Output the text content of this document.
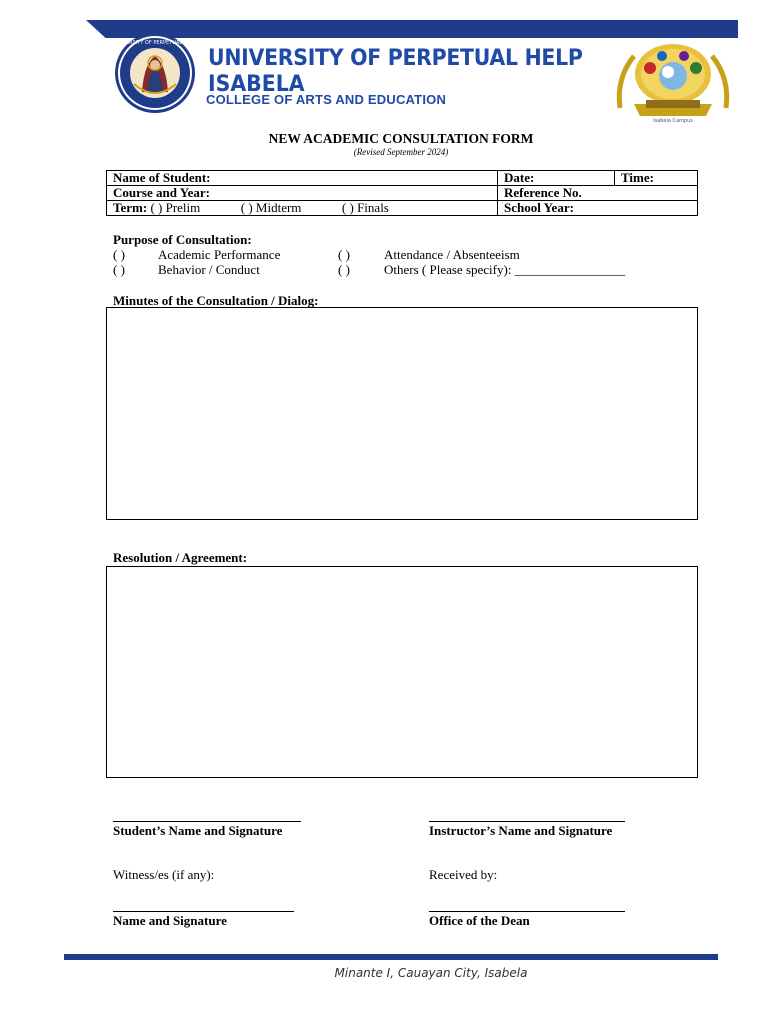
UNIVERSITY OF PERPETUAL HELP
UNIVERSITY OF PERPETUAL HELP
ISABELA
COLLEGE OF ARTS AND EDUCATION
Isabela Campus
NEW ACADEMIC CONSULTATION FORM
(Revised September 2024)
Name of Student:	Date:	Time:
Course and Year:	Reference No.	
Term: ( ) Prelim ( ) Midterm ( ) Finals	School Year:	
Purpose of Consultation:
( )	Academic Performance	( )	Attendance / Absenteeism
( )	Behavior / Conduct	( )	Others ( Please specify): _________________
Minutes of the Consultation / Dialog:
Resolution / Agreement:
Student’s Name and Signature	Instructor’s Name and Signature
Witness/es (if any):	Received by:
Name and Signature	Office of the Dean
Minante I, Cauayan City, Isabela
